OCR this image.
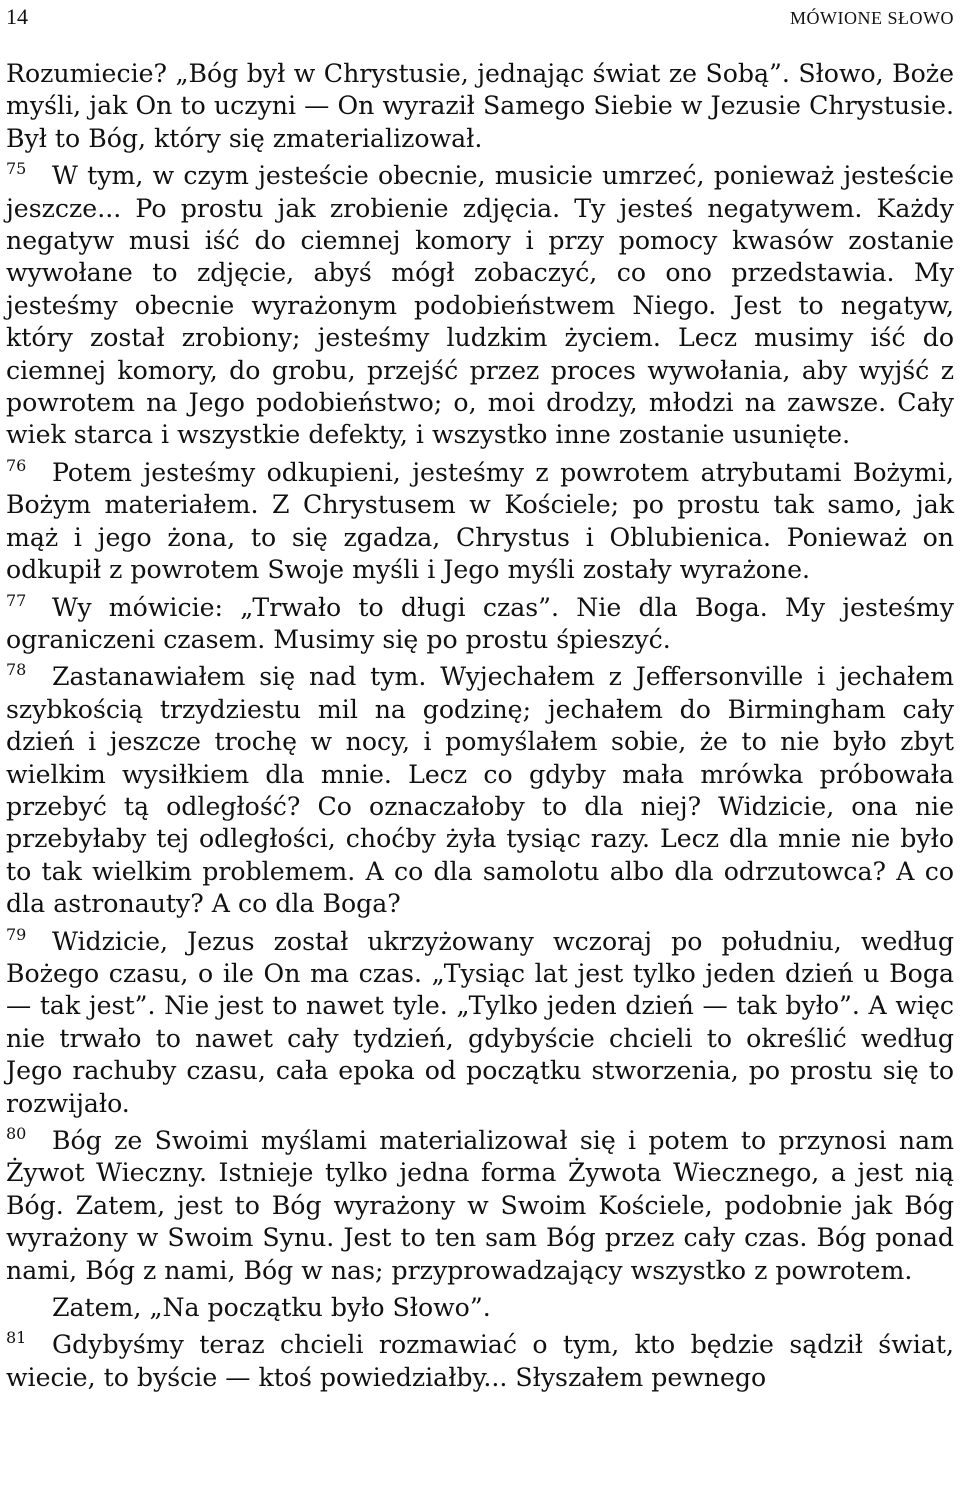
14	MÓWIONE SŁOWO

Rozumiecie? „Bóg był w Chrystusie, jednając świat ze Sobą”. Słowo, Boże myśli, jak On to uczyni — On wyraził Samego Siebie w Jezusie Chrystusie. Był to Bóg, który się zmaterializował.

75 W tym, w czym jesteście obecnie, musicie umrzeć, ponieważ jesteście jeszcze... Po prostu jak zrobienie zdjęcia. Ty jesteś negatywem. Każdy negatyw musi iść do ciemnej komory i przy pomocy kwasów zostanie wywołane to zdjęcie, abyś mógł zobaczyć, co ono przedstawia. My jesteśmy obecnie wyrażonym podobieństwem Niego. Jest to negatyw, który został zrobiony; jesteśmy ludzkim życiem. Lecz musimy iść do ciemnej komory, do grobu, przejść przez proces wywołania, aby wyjść z powrotem na Jego podobieństwo; o, moi drodzy, młodzi na zawsze. Cały wiek starca i wszystkie defekty, i wszystko inne zostanie usunięte.

76 Potem jesteśmy odkupieni, jesteśmy z powrotem atrybutami Bożymi, Bożym materiałem. Z Chrystusem w Kościele; po prostu tak samo, jak mąż i jego żona, to się zgadza, Chrystus i Oblubienica. Ponieważ on odkupił z powrotem Swoje myśli i Jego myśli zostały wyrażone.

77 Wy mówicie: „Trwało to długi czas”. Nie dla Boga. My jesteśmy ograniczeni czasem. Musimy się po prostu śpieszyć.

78 Zastanawiałem się nad tym. Wyjechałem z Jeffersonville i jechałem szybkością trzydziestu mil na godzinę; jechałem do Birmingham cały dzień i jeszcze trochę w nocy, i pomyślałem sobie, że to nie było zbyt wielkim wysiłkiem dla mnie. Lecz co gdyby mała mrówka próbowała przebyć tą odległość? Co oznaczałoby to dla niej? Widzicie, ona nie przebyłaby tej odległości, choćby żyła tysiąc razy. Lecz dla mnie nie było to tak wielkim problemem. A co dla samolotu albo dla odrzutowca? A co dla astronauty? A co dla Boga?

79 Widzicie, Jezus został ukrzyżowany wczoraj po południu, według Bożego czasu, o ile On ma czas. „Tysiąc lat jest tylko jeden dzień u Boga — tak jest”. Nie jest to nawet tyle. „Tylko jeden dzień — tak było”. A więc nie trwało to nawet cały tydzień, gdybyście chcieli to określić według Jego rachuby czasu, cała epoka od początku stworzenia, po prostu się to rozwijało.

80 Bóg ze Swoimi myślami materializował się i potem to przynosi nam Żywot Wieczny. Istnieje tylko jedna forma Żywota Wiecznego, a jest nią Bóg. Zatem, jest to Bóg wyrażony w Swoim Kościele, podobnie jak Bóg wyrażony w Swoim Synu. Jest to ten sam Bóg przez cały czas. Bóg ponad nami, Bóg z nami, Bóg w nas; przyprowadzający wszystko z powrotem.

Zatem, „Na początku było Słowo”.

81 Gdybyśmy teraz chcieli rozmawiać o tym, kto będzie sądził świat, wiecie, to byście — ktoś powiedziałby... Słyszałem pewnego
